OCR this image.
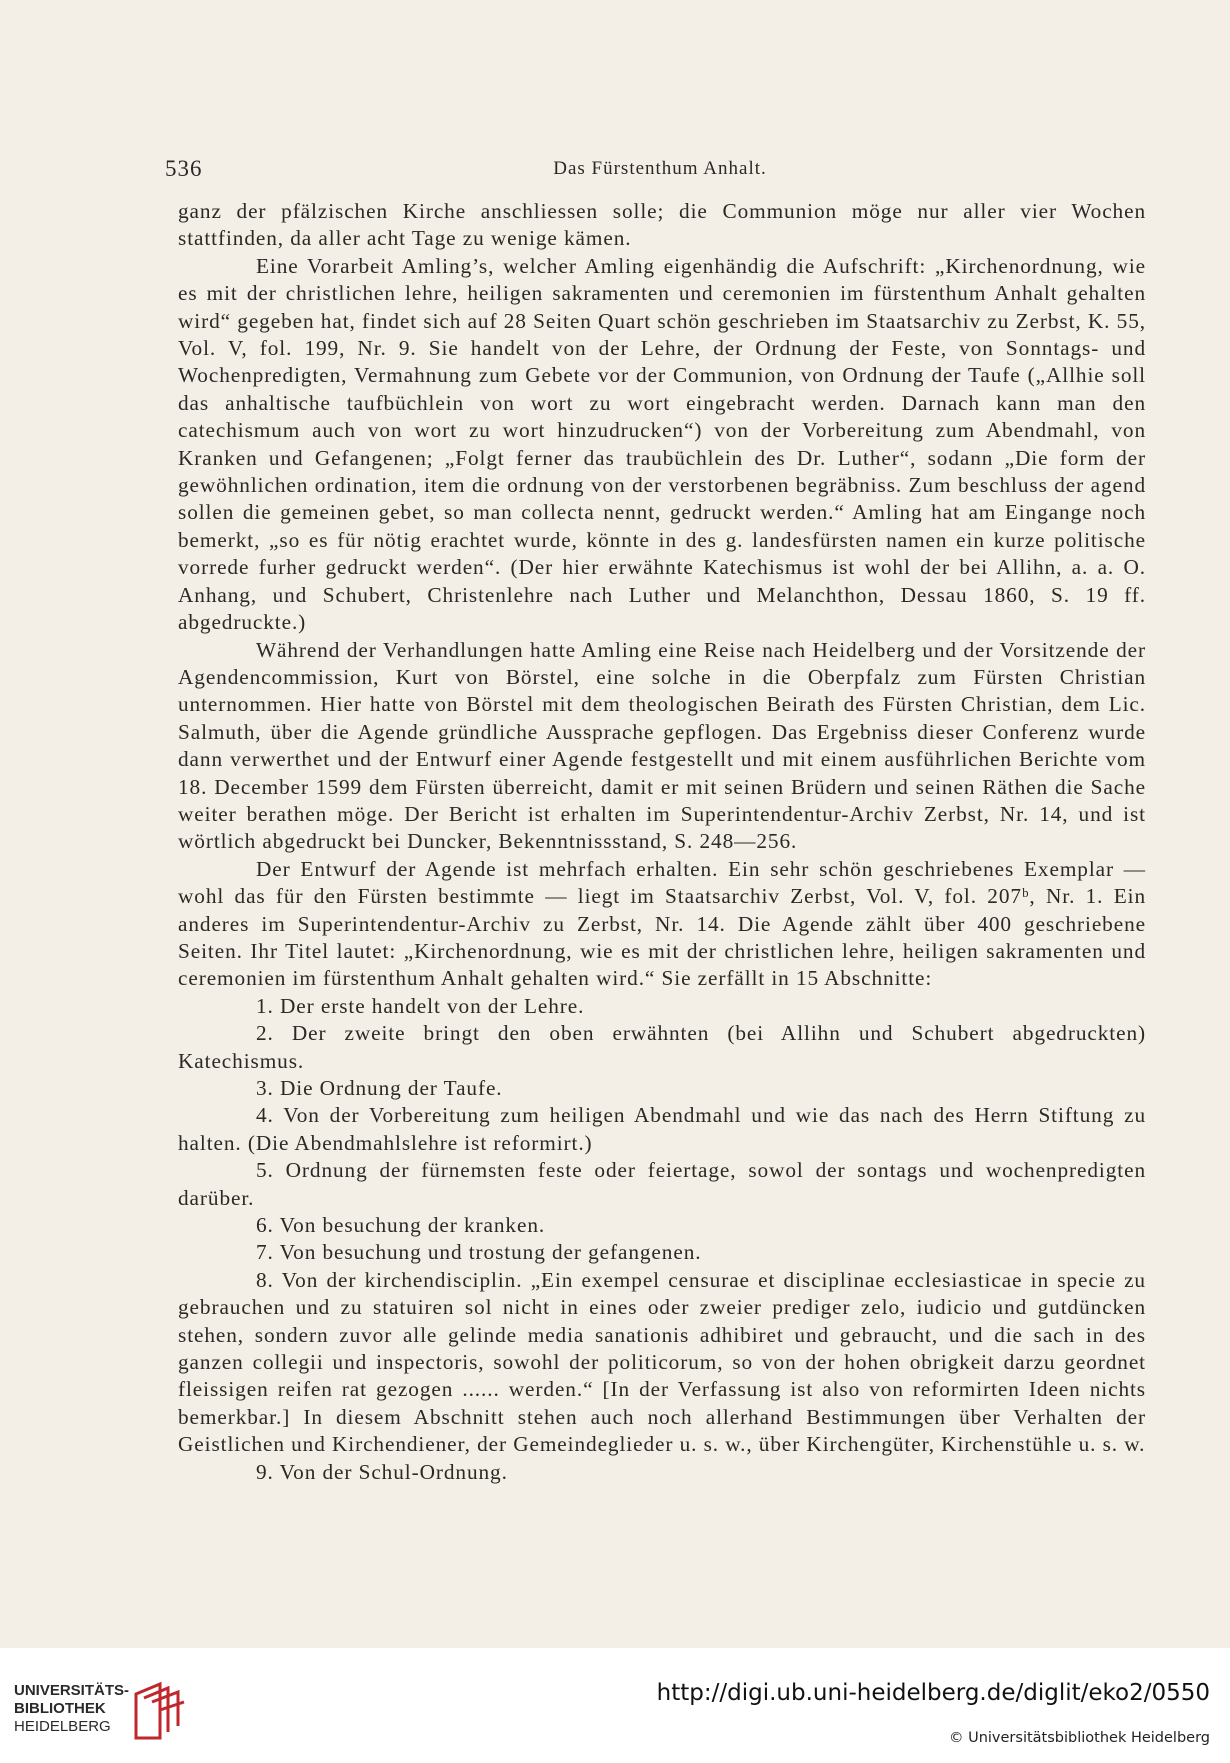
536	Das Fürstenthum Anhalt.

ganz der pfälzischen Kirche anschliessen solle; die Communion möge nur aller vier Wochen stattfinden, da aller acht Tage zu wenige kämen.

Eine Vorarbeit Amling’s, welcher Amling eigenhändig die Aufschrift: „Kirchenordnung, wie es mit der christlichen lehre, heiligen sakramenten und ceremonien im fürstenthum Anhalt gehalten wird“ gegeben hat, findet sich auf 28 Seiten Quart schön geschrieben im Staatsarchiv zu Zerbst, K. 55, Vol. V, fol. 199, Nr. 9. Sie handelt von der Lehre, der Ordnung der Feste, von Sonntags- und Wochenpredigten, Vermahnung zum Gebete vor der Communion, von Ordnung der Taufe („Allhie soll das anhaltische taufbüchlein von wort zu wort eingebracht werden. Darnach kann man den catechismum auch von wort zu wort hinzudrucken“) von der Vorbereitung zum Abendmahl, von Kranken und Gefangenen; „Folgt ferner das traubüchlein des Dr. Luther“, sodann „Die form der gewöhnlichen ordination, item die ordnung von der verstorbenen begräbniss. Zum beschluss der agend sollen die gemeinen gebet, so man collecta nennt, gedruckt werden.“ Amling hat am Eingange noch bemerkt, „so es für nötig erachtet wurde, könnte in des g. landesfürsten namen ein kurze politische vorrede furher gedruckt werden“. (Der hier erwähnte Katechismus ist wohl der bei Allihn, a. a. O. Anhang, und Schubert, Christenlehre nach Luther und Melanchthon, Dessau 1860, S. 19 ff. abgedruckte.)

Während der Verhandlungen hatte Amling eine Reise nach Heidelberg und der Vorsitzende der Agendencommission, Kurt von Börstel, eine solche in die Oberpfalz zum Fürsten Christian unternommen. Hier hatte von Börstel mit dem theologischen Beirath des Fürsten Christian, dem Lic. Salmuth, über die Agende gründliche Aussprache gepflogen. Das Ergebniss dieser Conferenz wurde dann verwerthet und der Entwurf einer Agende festgestellt und mit einem ausführlichen Berichte vom 18. December 1599 dem Fürsten überreicht, damit er mit seinen Brüdern und seinen Räthen die Sache weiter berathen möge. Der Bericht ist erhalten im Superintendentur-Archiv Zerbst, Nr. 14, und ist wörtlich abgedruckt bei Duncker, Bekenntnissstand, S. 248—256.

Der Entwurf der Agende ist mehrfach erhalten. Ein sehr schön geschriebenes Exemplar — wohl das für den Fürsten bestimmte — liegt im Staatsarchiv Zerbst, Vol. V, fol. 207ᵇ, Nr. 1. Ein anderes im Superintendentur-Archiv zu Zerbst, Nr. 14. Die Agende zählt über 400 geschriebene Seiten. Ihr Titel lautet: „Kirchenordnung, wie es mit der christlichen lehre, heiligen sakramenten und ceremonien im fürstenthum Anhalt gehalten wird.“ Sie zerfällt in 15 Abschnitte:

1. Der erste handelt von der Lehre.

2. Der zweite bringt den oben erwähnten (bei Allihn und Schubert abgedruckten) Katechismus.

3. Die Ordnung der Taufe.

4. Von der Vorbereitung zum heiligen Abendmahl und wie das nach des Herrn Stiftung zu halten. (Die Abendmahlslehre ist reformirt.)

5. Ordnung der fürnemsten feste oder feiertage, sowol der sontags und wochenpredigten darüber.

6. Von besuchung der kranken.

7. Von besuchung und trostung der gefangenen.

8. Von der kirchendisciplin. „Ein exempel censurae et disciplinae ecclesiasticae in specie zu gebrauchen und zu statuiren sol nicht in eines oder zweier prediger zelo, iudicio und gutdüncken stehen, sondern zuvor alle gelinde media sanationis adhibiret und gebraucht, und die sach in des ganzen collegii und inspectoris, sowohl der politicorum, so von der hohen obrigkeit darzu geordnet fleissigen reifen rat gezogen ...... werden.“ [In der Verfassung ist also von reformirten Ideen nichts bemerkbar.] In diesem Abschnitt stehen auch noch allerhand Bestimmungen über Verhalten der Geistlichen und Kirchendiener, der Gemeindeglieder u. s. w., über Kirchengüter, Kirchenstühle u. s. w.

9. Von der Schul-Ordnung.

UNIVERSITÄTS-
BIBLIOTHEK
HEIDELBERG
http://digi.ub.uni-heidelberg.de/diglit/eko2/0550
© Universitätsbibliothek Heidelberg
